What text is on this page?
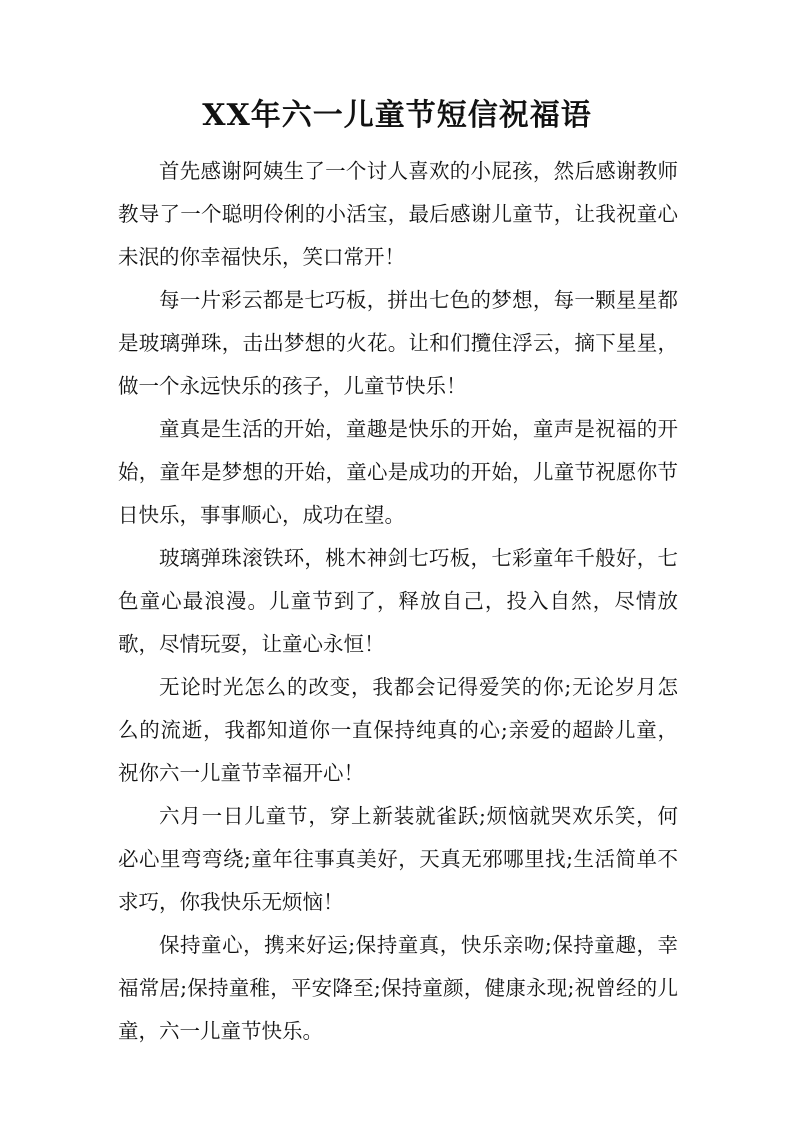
XX年六一儿童节短信祝福语

首先感谢阿姨生了一个讨人喜欢的小屁孩，然后感谢教师教导了一个聪明伶俐的小活宝，最后感谢儿童节，让我祝童心未泯的你幸福快乐，笑口常开！

每一片彩云都是七巧板，拼出七色的梦想，每一颗星星都是玻璃弹珠，击出梦想的火花。让和们攬住浮云，摘下星星，做一个永远快乐的孩子，儿童节快乐！

童真是生活的开始，童趣是快乐的开始，童声是祝福的开始，童年是梦想的开始，童心是成功的开始，儿童节祝愿你节日快乐，事事顺心，成功在望。

玻璃弹珠滚铁环，桃木神剑七巧板，七彩童年千般好，七色童心最浪漫。儿童节到了，释放自己，投入自然，尽情放歌，尽情玩耍，让童心永恒！

无论时光怎么的改变，我都会记得爱笑的你;无论岁月怎么的流逝，我都知道你一直保持纯真的心;亲爱的超龄儿童，祝你六一儿童节幸福开心！

六月一日儿童节，穿上新装就雀跃;烦恼就哭欢乐笑，何必心里弯弯绕;童年往事真美好，天真无邪哪里找;生活简单不求巧，你我快乐无烦恼！

保持童心，携来好运;保持童真，快乐亲吻;保持童趣，幸福常居;保持童稚，平安降至;保持童颜，健康永现;祝曾经的儿童，六一儿童节快乐。
